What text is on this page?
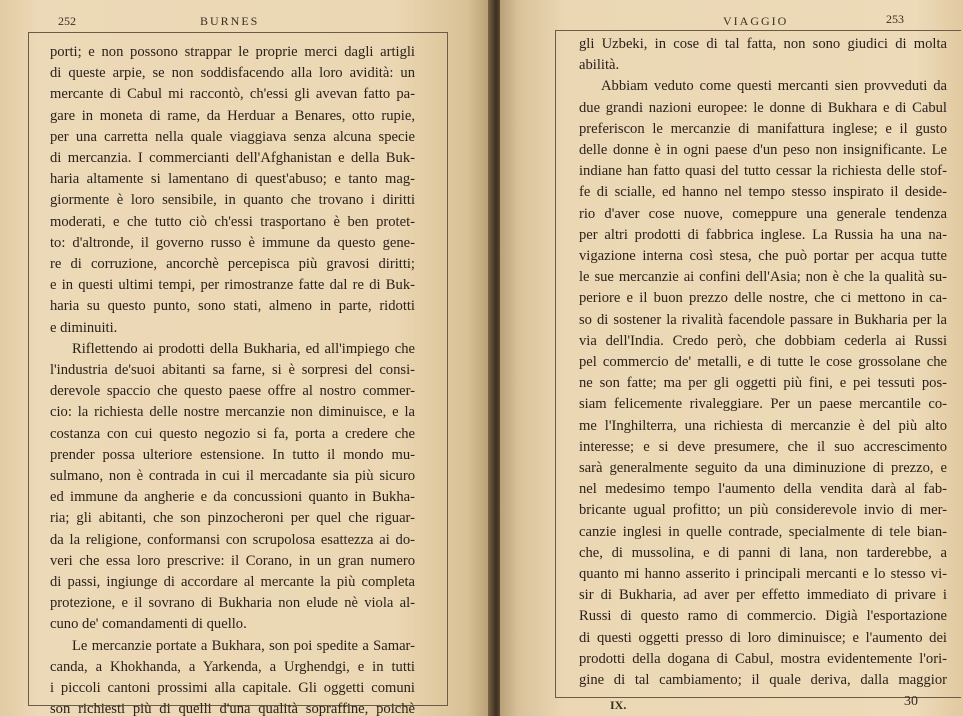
252	BURNES
porti; e non possono strappar le proprie merci dagli artigli
di queste arpie, se non soddisfacendo alla loro avidità: un
mercante di Cabul mi raccontò, ch'essi gli avevan fatto pa-
gare in moneta di rame, da Herduar a Benares, otto rupie,
per una carretta nella quale viaggiava senza alcuna specie
di mercanzia. I commercianti dell'Afghanistan e della Buk-
haria altamente si lamentano di quest'abuso; e tanto mag-
giormente è loro sensibile, in quanto che trovano i diritti
moderati, e che tutto ciò ch'essi trasportano è ben protet-
to: d'altronde, il governo russo è immune da questo gene-
re di corruzione, ancorchè percepisca più gravosi diritti;
e in questi ultimi tempi, per rimostranze fatte dal re di Buk-
haria su questo punto, sono stati, almeno in parte, ridotti
e diminuiti.
Riflettendo ai prodotti della Bukharia, ed all'impiego che
l'industria de'suoi abitanti sa farne, si è sorpresi del consi-
derevole spaccio che questo paese offre al nostro commer-
cio: la richiesta delle nostre mercanzie non diminuisce, e la
costanza con cui questo negozio si fa, porta a credere che
prender possa ulteriore estensione. In tutto il mondo mu-
sulmano, non è contrada in cui il mercadante sia più sicuro
ed immune da angherie e da concussioni quanto in Bukha-
ria; gli abitanti, che son pinzocheroni per quel che riguar-
da la religione, conformansi con scrupolosa esattezza ai do-
veri che essa loro prescrive: il Corano, in un gran numero
di passi, ingiunge di accordare al mercante la più completa
protezione, e il sovrano di Bukharia non elude nè viola al-
cuno de' comandamenti di quello.
Le mercanzie portate a Bukhara, son poi spedite a Samar-
canda, a Khokhanda, a Yarkenda, a Urghendgi, e in tutti
i piccoli cantoni prossimi alla capitale. Gli oggetti comuni
son richiesti più di quelli d'una qualità sopraffine, poichè
VIAGGIO	253
gli Uzbeki, in cose di tal fatta, non sono giudici di molta
abilità.
Abbiam veduto come questi mercanti sien provveduti da
due grandi nazioni europee: le donne di Bukhara e di Cabul
preferiscon le mercanzie di manifattura inglese; e il gusto
delle donne è in ogni paese d'un peso non insignificante. Le
indiane han fatto quasi del tutto cessar la richiesta delle stof-
fe di scialle, ed hanno nel tempo stesso inspirato il deside-
rio d'aver cose nuove, comeppure una generale tendenza
per altri prodotti di fabbrica inglese. La Russia ha una na-
vigazione interna così stesa, che può portar per acqua tutte
le sue mercanzie ai confini dell'Asia; non è che la qualità su-
periore e il buon prezzo delle nostre, che ci mettono in ca-
so di sostener la rivalità facendole passare in Bukharia per la
via dell'India. Credo però, che dobbiam cederla ai Russi
pel commercio de' metalli, e di tutte le cose grossolane che
ne son fatte; ma per gli oggetti più fini, e pei tessuti pos-
siam felicemente rivaleggiare. Per un paese mercantile co-
me l'Inghilterra, una richiesta di mercanzie è del più alto
interesse; e si deve presumere, che il suo accrescimento
sarà generalmente seguito da una diminuzione di prezzo, e
nel medesimo tempo l'aumento della vendita darà al fab-
bricante ugual profitto; un più considerevole invio di mer-
canzie inglesi in quelle contrade, specialmente di tele bian-
che, di mussolina, e di panni di lana, non tarderebbe, a
quanto mi hanno asserito i principali mercanti e lo stesso vi-
sir di Bukharia, ad aver per effetto immediato di privare i
Russi di questo ramo di commercio. Digià l'esportazione
di questi oggetti presso di loro diminuisce; e l'aumento dei
prodotti della dogana di Cabul, mostra evidentemente l'ori-
gine di tal cambiamento; il quale deriva, dalla maggior
IX.	30
